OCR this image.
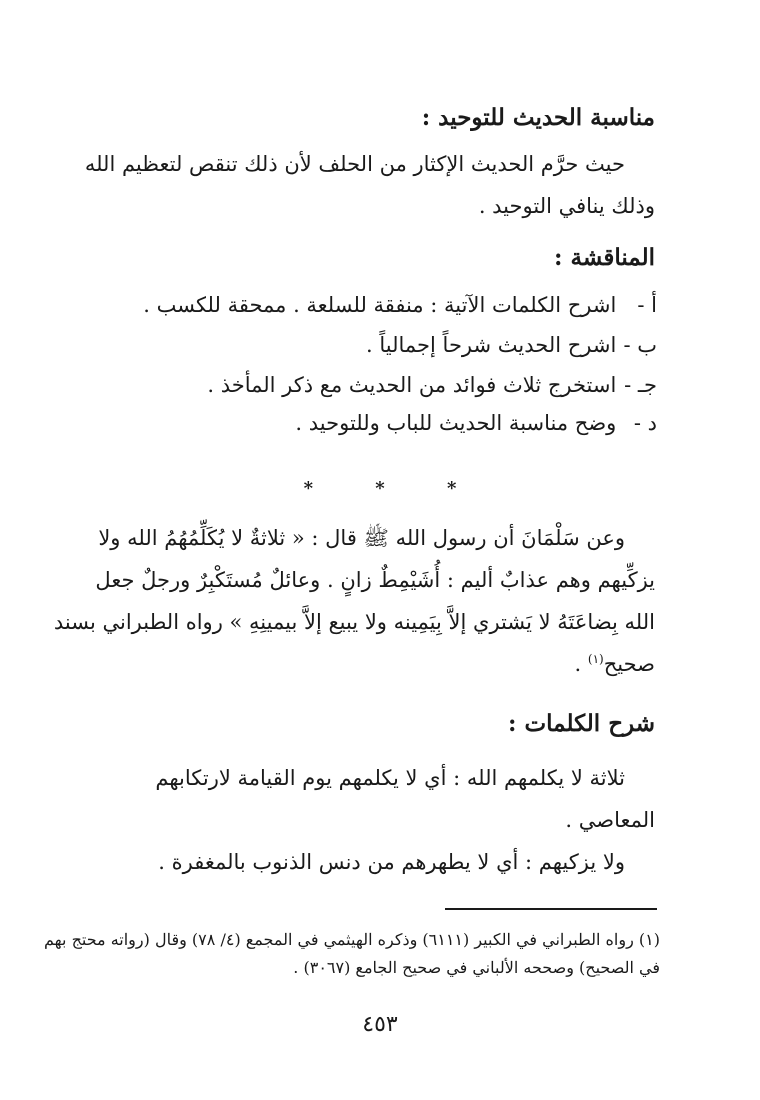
مناسبة الحديث للتوحيد :
حيث حرَّم الحديث الإكثار من الحلف لأن ذلك تنقص لتعظيم الله
وذلك ينافي التوحيد .
المناقشة :
أ - اشرح الكلمات الآتية : منفقة للسلعة . ممحقة للكسب .
ب - اشرح الحديث شرحاً إجمالياً .
جـ - استخرج ثلاث فوائد من الحديث مع ذكر المأخذ .
د - وضح مناسبة الحديث للباب وللتوحيد .
* * *
وعن سَلْمَانَ أن رسول الله ﷺ قال : « ثلاثةٌ لا يُكَلِّمُهُمُ الله ولا
يزكِّيهم وهم عذابٌ أليم : أُشَيْمِطٌ زانٍ . وعائلٌ مُستَكْبِرٌ ورجلٌ جعل
الله بِضاعَتَهُ لا يَشتري إلاَّ بِيَمِينه ولا يبيع إلاَّ بيمينِهِ » رواه الطبراني بسند
صحيح$^{(١)}$ .
شرح الكلمات :
ثلاثة لا يكلمهم الله : أي لا يكلمهم يوم القيامة لارتكابهم
المعاصي .
ولا يزكيهم : أي لا يطهرهم من دنس الذنوب بالمغفرة .
(١) رواه الطبراني في الكبير (٦١١١) وذكره الهيثمي في المجمع (٤/ ٧٨) وقال (رواته محتج بهم
في الصحيح) وصححه الألباني في صحيح الجامع (٣٠٦٧) .
٤٥٣
